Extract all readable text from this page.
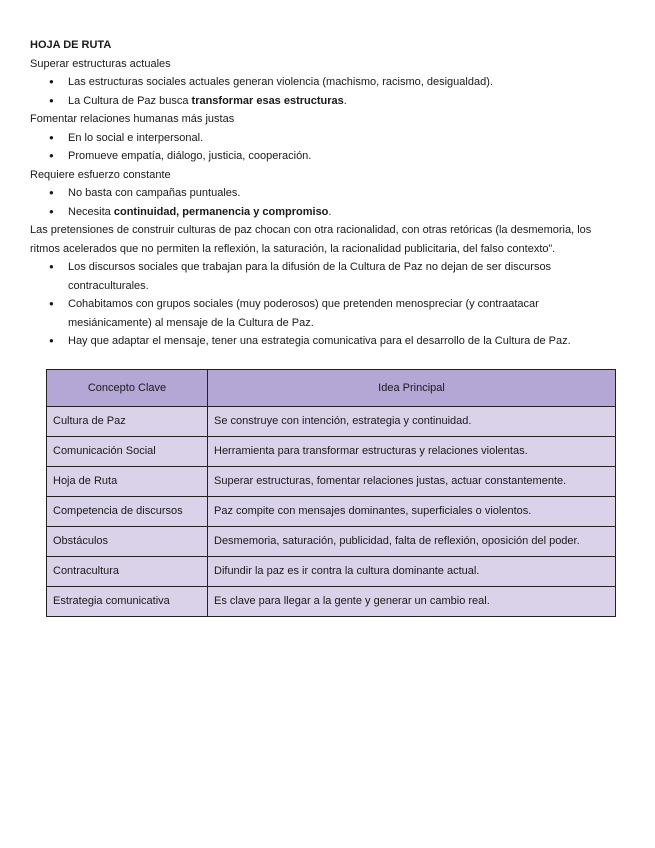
HOJA DE RUTA

Superar estructuras actuales

● Las estructuras sociales actuales generan violencia (machismo, racismo, desigualdad).
● La Cultura de Paz busca transformar esas estructuras.

Fomentar relaciones humanas más justas

● En lo social e interpersonal.
● Promueve empatía, diálogo, justicia, cooperación.

Requiere esfuerzo constante

● No basta con campañas puntuales.
● Necesita continuidad, permanencia y compromiso.

Las pretensiones de construir culturas de paz chocan con otra racionalidad, con otras retóricas (la desmemoria, los ritmos acelerados que no permiten la reflexión, la saturación, la racionalidad publicitaria, del falso contexto”.

● Los discursos sociales que trabajan para la difusión de la Cultura de Paz no dejan de ser discursos contraculturales.
● Cohabitamos con grupos sociales (muy poderosos) que pretenden menospreciar (y contraatacar mesiánicamente) al mensaje de la Cultura de Paz.
● Hay que adaptar el mensaje, tener una estrategia comunicativa para el desarrollo de la Cultura de Paz.
Concepto Clave	Idea Principal
Cultura de Paz	Se construye con intención, estrategia y continuidad.
Comunicación Social	Herramienta para transformar estructuras y relaciones violentas.
Hoja de Ruta	Superar estructuras, fomentar relaciones justas, actuar constantemente.
Competencia de discursos	Paz compite con mensajes dominantes, superficiales o violentos.
Obstáculos	Desmemoria, saturación, publicidad, falta de reflexión, oposición del poder.
Contracultura	Difundir la paz es ir contra la cultura dominante actual.
Estrategia comunicativa	Es clave para llegar a la gente y generar un cambio real.
